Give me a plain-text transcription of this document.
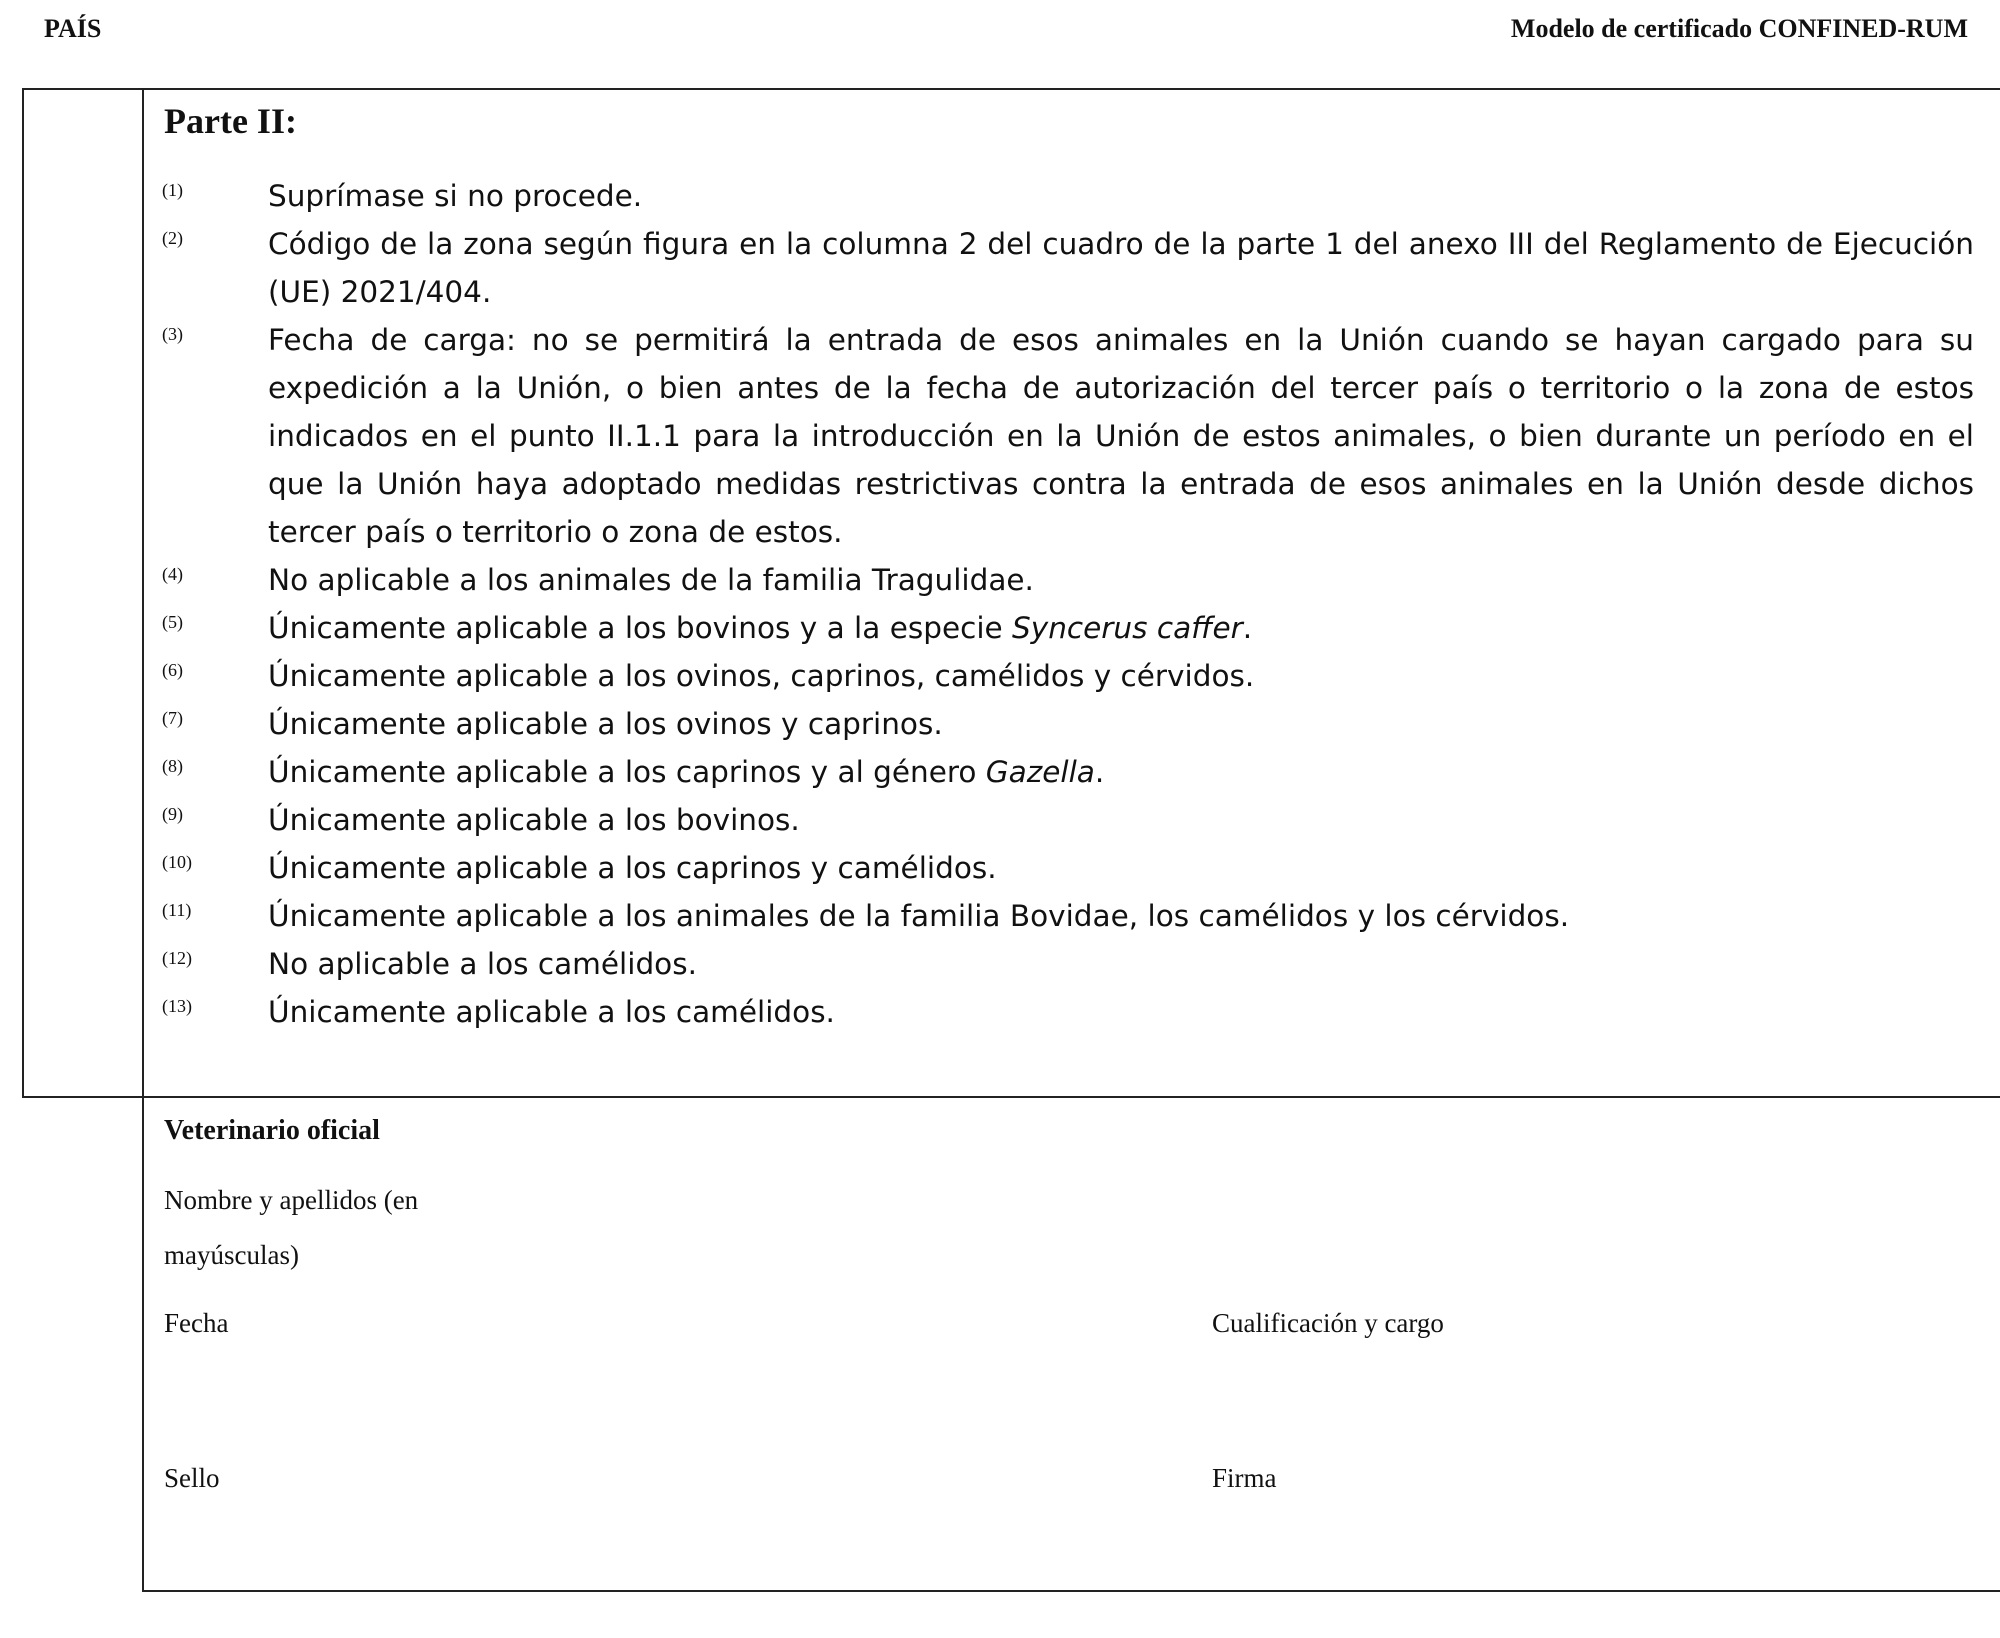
PAÍS	Modelo de certificado CONFINED-RUM
Parte II:
(1)	Suprímase si no procede.
(2)	Código de la zona según figura en la columna 2 del cuadro de la parte 1 del anexo III del Reglamento de Ejecución (UE) 2021/404.
(3)	Fecha de carga: no se permitirá la entrada de esos animales en la Unión cuando se hayan cargado para su expedición a la Unión, o bien antes de la fecha de autorización del tercer país o territorio o la zona de estos indicados en el punto II.1.1 para la introducción en la Unión de estos animales, o bien durante un período en el que la Unión haya adoptado medidas restrictivas contra la entrada de esos animales en la Unión desde dichos tercer país o territorio o zona de estos.
(4)	No aplicable a los animales de la familia Tragulidae.
(5)	Únicamente aplicable a los bovinos y a la especie Syncerus caffer.
(6)	Únicamente aplicable a los ovinos, caprinos, camélidos y cérvidos.
(7)	Únicamente aplicable a los ovinos y caprinos.
(8)	Únicamente aplicable a los caprinos y al género Gazella.
(9)	Únicamente aplicable a los bovinos.
(10)	Únicamente aplicable a los caprinos y camélidos.
(11)	Únicamente aplicable a los animales de la familia Bovidae, los camélidos y los cérvidos.
(12)	No aplicable a los camélidos.
(13)	Únicamente aplicable a los camélidos.
Veterinario oficial
Nombre y apellidos (en
mayúsculas)
Fecha	Cualificación y cargo
Sello	Firma
